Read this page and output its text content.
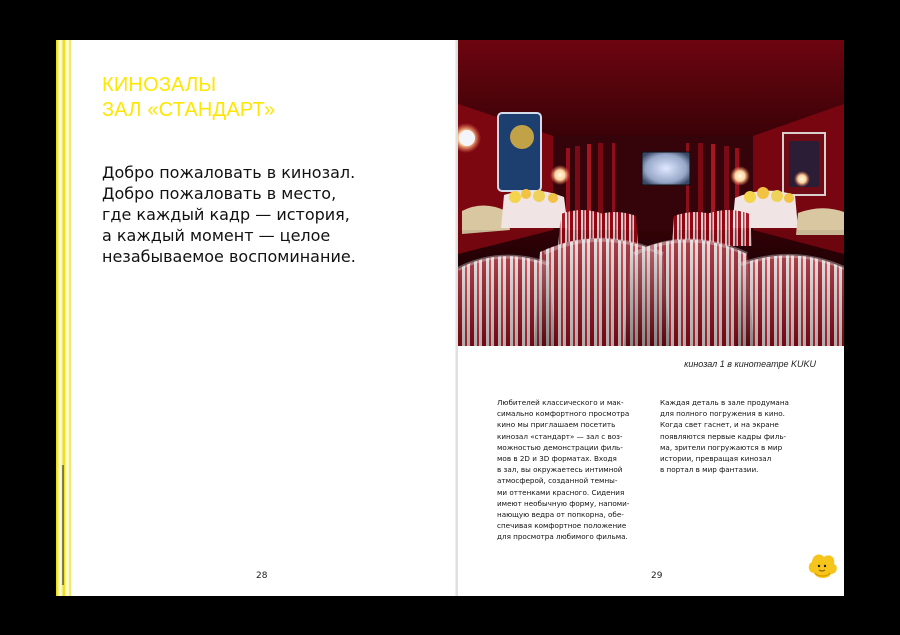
КИНОЗАЛЫ
ЗАЛ «СТАНДАРТ»
Добро пожаловать в кинозал.
Добро пожаловать в место,
где каждый кадр — история,
а каждый момент — целое
незабываемое воспоминание.
28
кинозал 1 в кинотеатре KUKU
Любителей классического и мак-
симально комфортного просмотра
кино мы приглашаем посетить
кинозал «стандарт» — зал с воз-
можностью демонстрации филь-
мов в 2D и 3D форматах. Входя
в зал, вы окружаетесь интимной
атмосферой, созданной темны-
ми оттенками красного. Сидения
имеют необычную форму, напоми-
нающую ведра от попкорна, обе-
спечивая комфортное положение
для просмотра любимого фильма.
Каждая деталь в зале продумана
для полного погружения в кино.
Когда свет гаснет, и на экране
появляются первые кадры филь-
ма, зрители погружаются в мир
истории, превращая кинозал
в портал в мир фантазии.
29
